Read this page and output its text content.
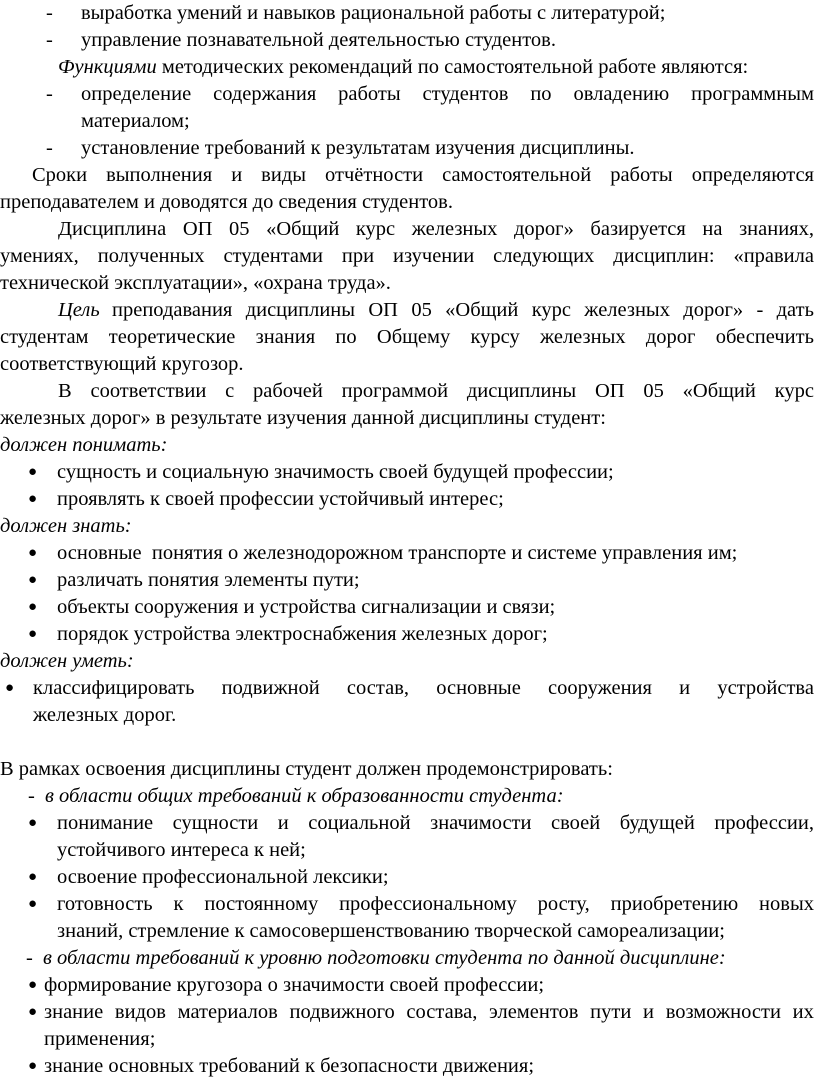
- выработка умений и навыков рациональной работы с литературой;
- управление познавательной деятельностью студентов.
Функциями методических рекомендаций по самостоятельной работе являются:
- определение содержания работы студентов по овладению программным
материалом;
- установление требований к результатам изучения дисциплины.
Сроки выполнения и виды отчётности самостоятельной работы определяются
преподавателем и доводятся до сведения студентов.
Дисциплина ОП 05 «Общий курс железных дорог» базируется на знаниях,
умениях, полученных студентами при изучении следующих дисциплин: «правила
технической эксплуатации», «охрана труда».
Цель преподавания дисциплины ОП 05 «Общий курс железных дорог» - дать
студентам теоретические знания по Общему курсу железных дорог обеспечить
соответствующий кругозор.
В соответствии с рабочей программой дисциплины ОП 05 «Общий курс
железных дорог» в результате изучения данной дисциплины студент:
должен понимать:
● сущность и социальную значимость своей будущей профессии;
● проявлять к своей профессии устойчивый интерес;
должен знать:
● основные  понятия о железнодорожном транспорте и системе управления им;
● различать понятия элементы пути;
● объекты сооружения и устройства сигнализации и связи;
● порядок устройства электроснабжения железных дорог;
должен уметь:
● классифицировать подвижной состав, основные сооружения и устройства
железных дорог.
В рамках освоения дисциплины студент должен продемонстрировать:
- в области общих требований к образованности студента:
● понимание сущности и социальной значимости своей будущей профессии,
устойчивого интереса к ней;
● освоение профессиональной лексики;
● готовность к постоянному профессиональному росту, приобретению новых
знаний, стремление к самосовершенствованию творческой самореализации;
- в области требований к уровню подготовки студента по данной дисциплине:
● формирование кругозора о значимости своей профессии;
● знание видов материалов подвижного состава, элементов пути и возможности их
применения;
● знание основных требований к безопасности движения;
